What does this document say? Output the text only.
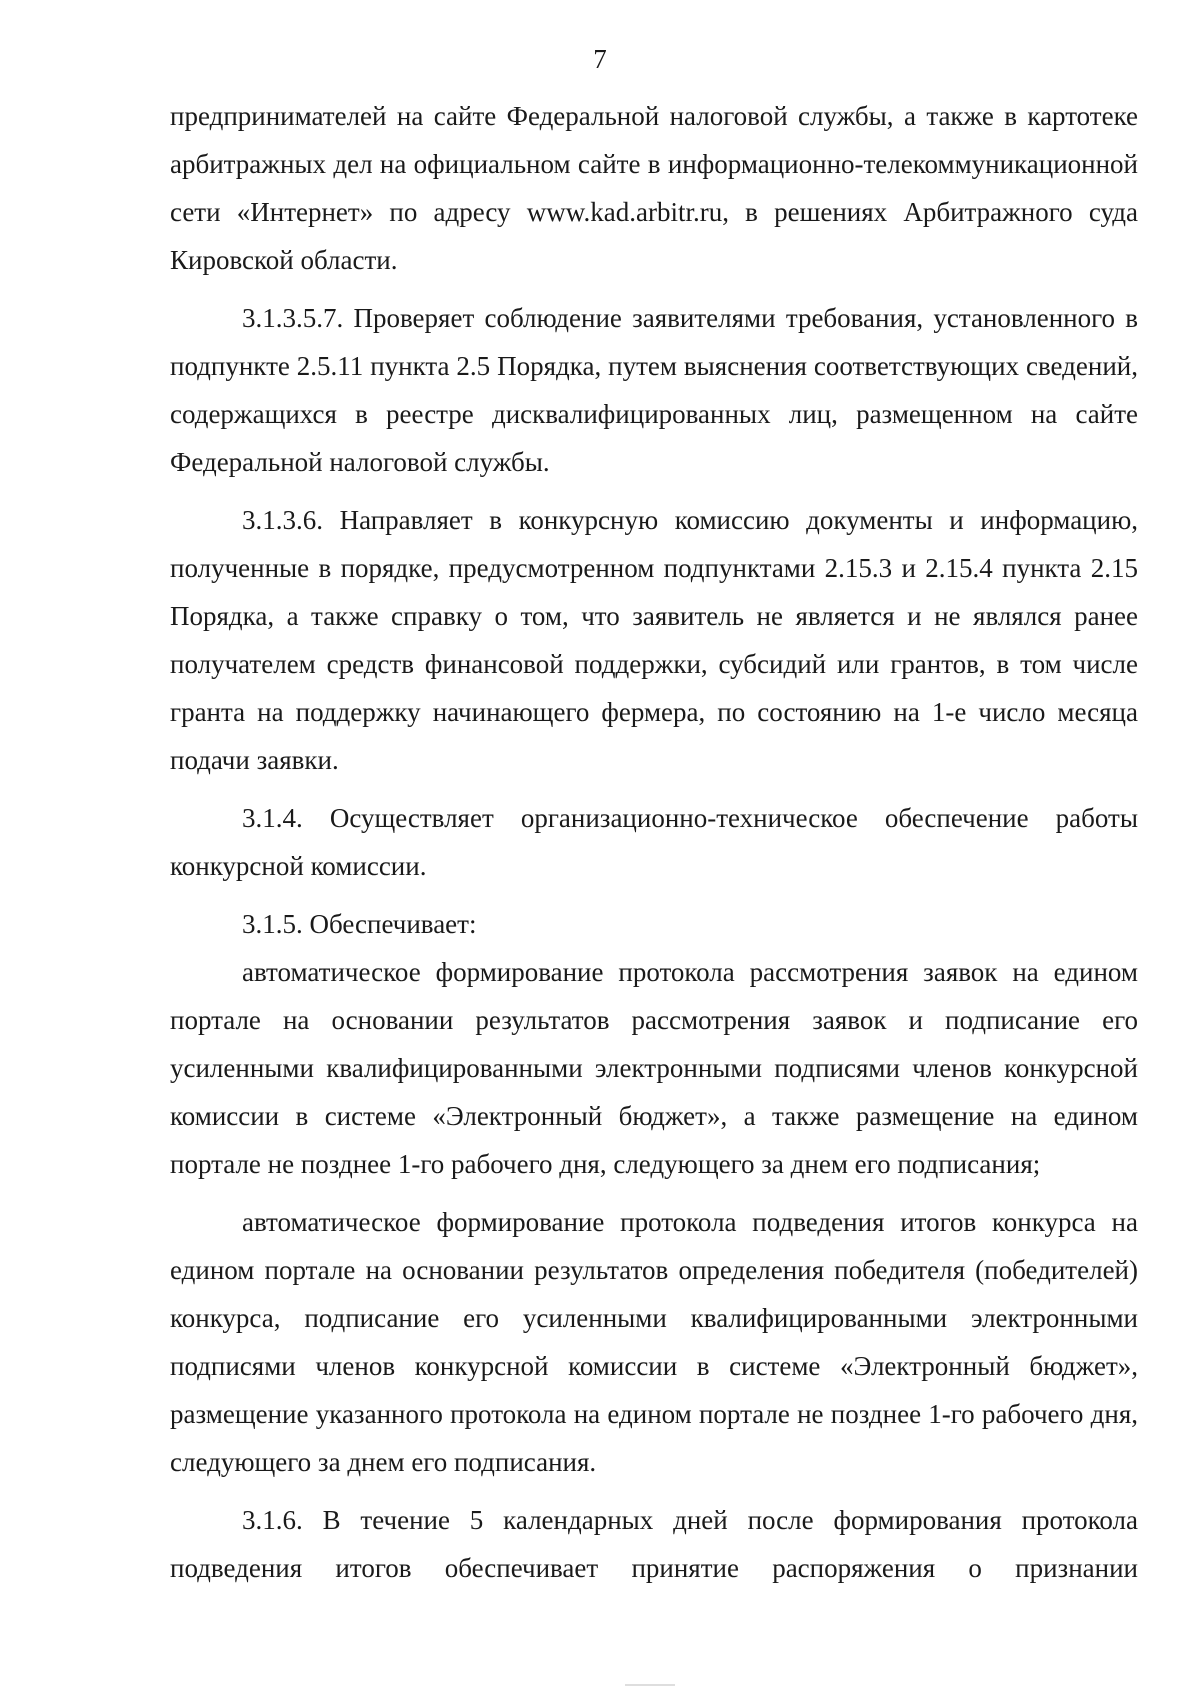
7

предпринимателей на сайте Федеральной налоговой службы, а также в картотеке арбитражных дел на официальном сайте в информационно-телекоммуникационной сети «Интернет» по адресу www.kad.arbitr.ru, в решениях Арбитражного суда Кировской области.

3.1.3.5.7. Проверяет соблюдение заявителями требования, установленного в подпункте 2.5.11 пункта 2.5 Порядка, путем выяснения соответствующих сведений, содержащихся в реестре дисквалифицированных лиц, размещенном на сайте Федеральной налоговой службы.

3.1.3.6. Направляет в конкурсную комиссию документы и информацию, полученные в порядке, предусмотренном подпунктами 2.15.3 и 2.15.4 пункта 2.15 Порядка, а также справку о том, что заявитель не является и не являлся ранее получателем средств финансовой поддержки, субсидий или грантов, в том числе гранта на поддержку начинающего фермера, по состоянию на 1-е число месяца подачи заявки.

3.1.4. Осуществляет организационно-техническое обеспечение работы конкурсной комиссии.

3.1.5. Обеспечивает:

автоматическое формирование протокола рассмотрения заявок на едином портале на основании результатов рассмотрения заявок и подписание его усиленными квалифицированными электронными подписями членов конкурсной комиссии в системе «Электронный бюджет», а также размещение на едином портале не позднее 1-го рабочего дня, следующего за днем его подписания;

автоматическое формирование протокола подведения итогов конкурса на едином портале на основании результатов определения победителя (победителей) конкурса, подписание его усиленными квалифицированными электронными подписями членов конкурсной комиссии в системе «Электронный бюджет», размещение указанного протокола на едином портале не позднее 1-го рабочего дня, следующего за днем его подписания.

3.1.6. В течение 5 календарных дней после формирования протокола подведения итогов обеспечивает принятие распоряжения о признании
